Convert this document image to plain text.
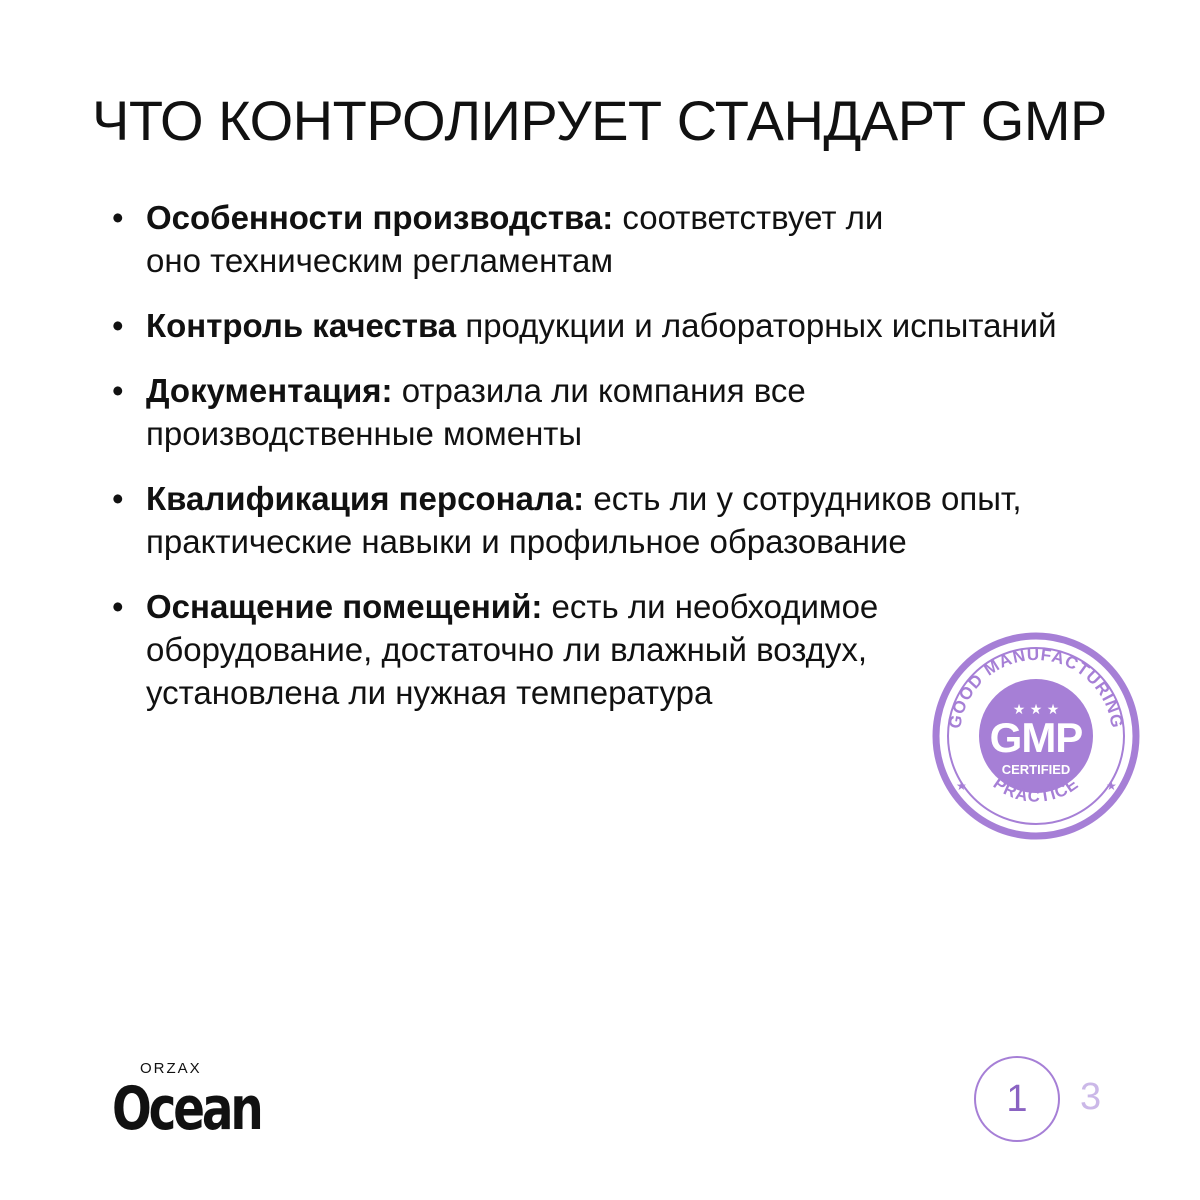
ЧТО КОНТРОЛИРУЕТ СТАНДАРТ GMP
• Особенности производства: соответствует ли оно техническим регламентам
• Контроль качества продукции и лабораторных испытаний
• Документация: отразила ли компания все производственные моменты
• Квалификация персонала: есть ли у сотрудников опыт, практические навыки и профильное образование
• Оснащение помещений: есть ли необходимое оборудование, достаточно ли влажный воздух, установлена ли нужная температура
GOOD MANUFACTURING
PRACTICE
★ ★ ★
GMP
CERTIFIED
★	★
ORZAX
Ocean	1	3
